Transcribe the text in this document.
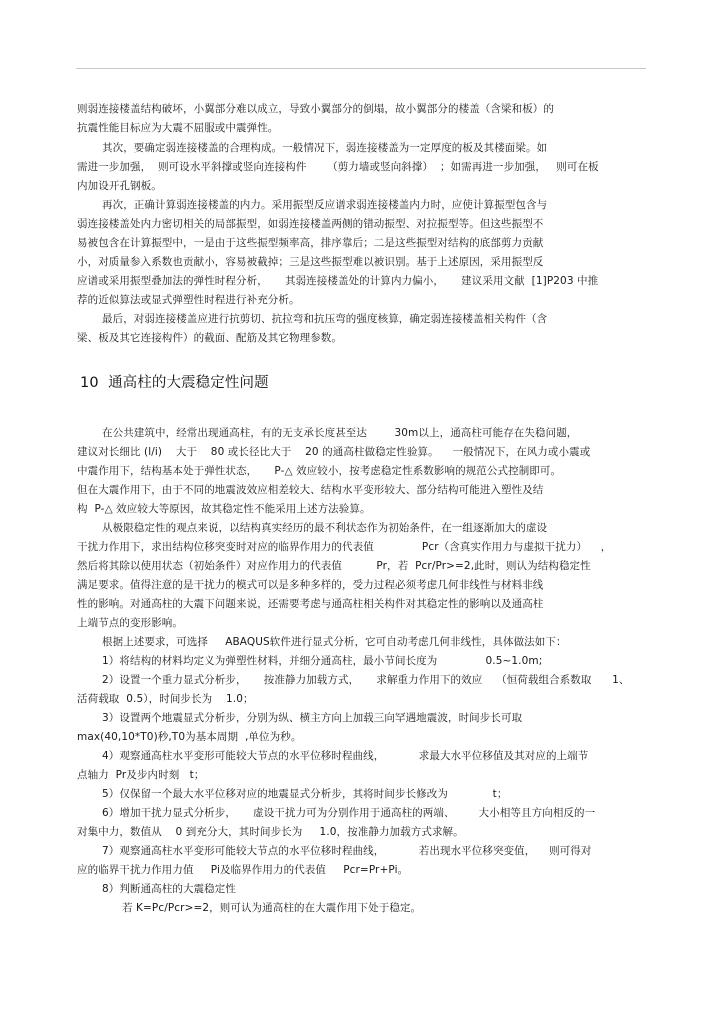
则弱连接楼盖结构破坏，小翼部分难以成立，导致小翼部分的倒塌，故小翼部分的楼盖（含梁和板）的
抗震性能目标应为大震不屈服或中震弹性。
其次，要确定弱连接楼盖的合理构成。一般情况下，弱连接楼盖为一定厚度的板及其楼面梁。如
需进一步加强，  则可设水平斜撑或竖向连接构件      （剪力墙或竖向斜撑）  ；如需再进一步加强，   则可在板
内加设开孔钢板。
再次，正确计算弱连接楼盖的内力。采用振型反应谱求弱连接楼盖内力时，应使计算振型包含与
弱连接楼盖处内力密切相关的局部振型，如弱连接楼盖两侧的错动振型、对拉振型等。但这些振型不
易被包含在计算振型中，一是由于这些振型频率高，排序靠后；二是这些振型对结构的底部剪力贡献
小，对质量参入系数也贡献小，容易被截掉；三是这些振型难以被识别。基于上述原因，采用振型反
应谱或采用振型叠加法的弹性时程分析，     其弱连接楼盖处的计算内力偏小，     建议采用文献  [1]P203 中推
荐的近似算法或显式弹塑性时程进行补充分析。
最后，对弱连接楼盖应进行抗剪切、抗拉弯和抗压弯的强度核算，确定弱连接楼盖相关构件（含
梁、板及其它连接构件）的截面、配筋及其它物理参数。
10  通高柱的大震稳定性问题
在公共建筑中，经常出现通高柱，有的无支承长度甚至达        30m以上，通高柱可能存在失稳问题，
建议对长细比 (l/i)    大于    80 或长径比大于    20 的通高柱做稳定性验算。    一般情况下，在风力或小震或
中震作用下，结构基本处于弹性状态，     P-△ 效应较小，按考虑稳定性系数影响的规范公式控制即可。
但在大震作用下，由于不同的地震波效应相差较大、结构水平变形较大、部分结构可能进入塑性及结
构  P-△ 效应较大等原因，故其稳定性不能采用上述方法验算。
从极限稳定性的观点来说，以结构真实经历的最不利状态作为初始条件，在一组逐渐加大的虚设
干扰力作用下，求出结构位移突变时对应的临界作用力的代表值              Pcr（含真实作用力与虚拟干扰力）    ，
然后将其除以使用状态（初始条件）对应作用力的代表值          Pr，若  Pcr/Pr>=2,此时，则认为结构稳定性
满足要求。值得注意的是干扰力的模式可以是多种多样的，受力过程必须考虑几何非线性与材料非线
性的影响。对通高柱的大震下问题来说，还需要考虑与通高柱相关构件对其稳定性的影响以及通高柱
上端节点的变形影响。
根据上述要求，可选择     ABAQUS软件进行显式分析，它可自动考虑几何非线性，具体做法如下：
1）将结构的材料均定义为弹塑性材料，并细分通高柱，最小节间长度为              0.5~1.0m;
2）设置一个重力显式分析步，     按准静力加载方式，     求解重力作用下的效应    （恒荷载组合系数取      1、
活荷载取  0.5），时间步长为    1.0；
3）设置两个地震显式分析步，分别为纵、横主方向上加载三向罕遇地震波，时间步长可取
max(40,10*T0)秒,T0为基本周期  ,单位为秒。
4）观察通高柱水平变形可能较大节点的水平位移时程曲线，          求最大水平位移值及其对应的上端节
点轴力  Pr及步内时刻   t；
5）仅保留一个最大水平位移对应的地震显式分析步，其将时间步长修改为             t；
6）增加干扰力显式分析步，     虚设干扰力可为分别作用于通高柱的两端、       大小相等且方向相反的一
对集中力，数值从    0 到充分大，其时间步长为     1.0，按准静力加载方式求解。
7）观察通高柱水平变形可能较大节点的水平位移时程曲线，          若出现水平位移突变值，    则可得对
应的临界干扰力作用力值     Pi及临界作用力的代表值     Pcr=Pr+Pi。
8）判断通高柱的大震稳定性
若 K=Pc/Pcr>=2，则可认为通高柱的在大震作用下处于稳定。
